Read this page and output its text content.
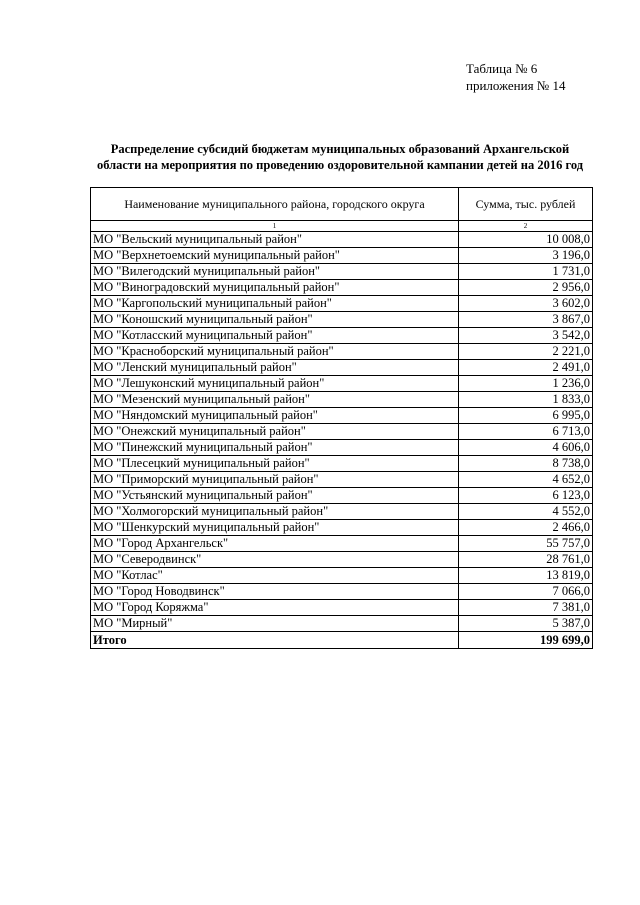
Таблица № 6
приложения № 14
Распределение субсидий бюджетам муниципальных образований Архангельской
области на мероприятия по проведению оздоровительной кампании детей на 2016 год
Наименование муниципального района, городского округа	Сумма, тыс. рублей
1	2
МО "Вельский муниципальный район"	10 008,0
МО "Верхнетоемский муниципальный район"	3 196,0
МО "Вилегодский муниципальный район"	1 731,0
МО "Виноградовский муниципальный район"	2 956,0
МО "Каргопольский муниципальный район"	3 602,0
МО "Коношский муниципальный район"	3 867,0
МО "Котласский муниципальный район"	3 542,0
МО "Красноборский муниципальный район"	2 221,0
МО "Ленский муниципальный район"	2 491,0
МО "Лешуконский муниципальный район"	1 236,0
МО "Мезенский муниципальный район"	1 833,0
МО "Няндомский муниципальный район"	6 995,0
МО "Онежский муниципальный район"	6 713,0
МО "Пинежский муниципальный район"	4 606,0
МО "Плесецкий муниципальный район"	8 738,0
МО "Приморский муниципальный район"	4 652,0
МО "Устьянский муниципальный район"	6 123,0
МО "Холмогорский муниципальный район"	4 552,0
МО "Шенкурский муниципальный район"	2 466,0
МО "Город Архангельск"	55 757,0
МО "Северодвинск"	28 761,0
МО "Котлас"	13 819,0
МО "Город Новодвинск"	7 066,0
МО "Город Коряжма"	7 381,0
МО "Мирный"	5 387,0
Итого	199 699,0
